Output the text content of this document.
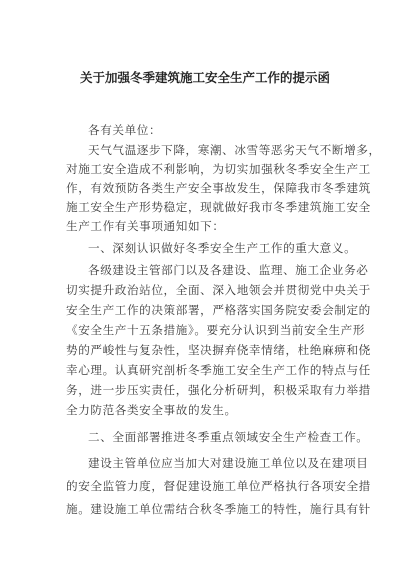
关于加强冬季建筑施工安全生产工作的提示函
各有关单位：
天气气温逐步下降，寒潮、冰雪等恶劣天气不断增多，
对施工安全造成不利影响，为切实加强秋冬季安全生产工
作，有效预防各类生产安全事故发生，保障我市冬季建筑
施工安全生产形势稳定，现就做好我市冬季建筑施工安全
生产工作有关事项通知如下：
一、深刻认识做好冬季安全生产工作的重大意义。
各级建设主管部门以及各建设、监理、施工企业务必
切实提升政治站位，全面、深入地领会并贯彻党中央关于
安全生产工作的决策部署，严格落实国务院安委会制定的
《安全生产十五条措施》。要充分认识到当前安全生产形
势的严峻性与复杂性，坚决摒弃侥幸情绪，杜绝麻痹和侥
幸心理。认真研究剖析冬季施工安全生产工作的特点与任
务，进一步压实责任，强化分析研判，积极采取有力举措
全力防范各类安全事故的发生。
二、全面部署推进冬季重点领域安全生产检查工作。
建设主管单位应当加大对建设施工单位以及在建项目
的安全监管力度，督促建设施工单位严格执行各项安全措
施。建设施工单位需结合秋冬季施工的特性，施行具有针
